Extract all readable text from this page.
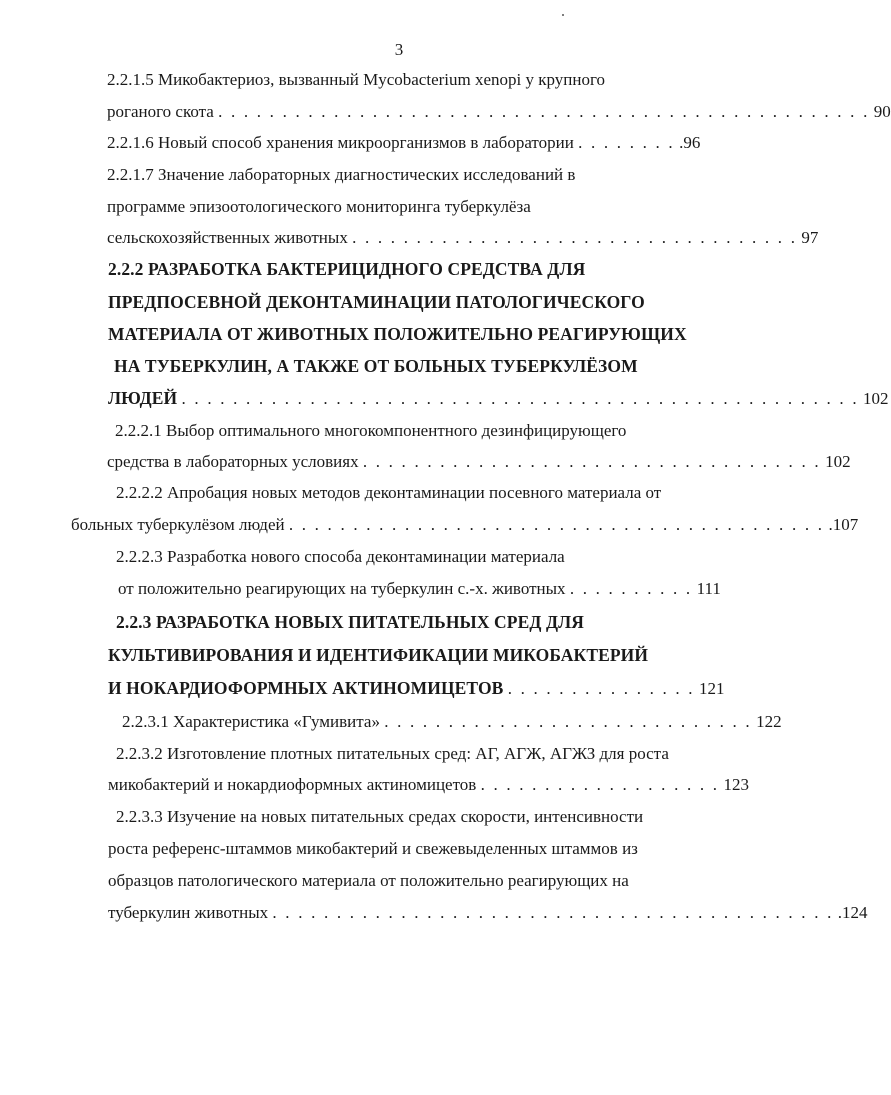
3
2.2.1.5 Микобактериоз, вызванный Mycobacterium xenopi у крупного
роганого скота . . . . . . . . . . . . . . . . . . . . . . . . . . . . . . . . . . . . . . . . . . . . . . . . . . . 90
2.2.1.6 Новый способ хранения микроорганизмов в лаборатории . . . . . . . . .96
2.2.1.7 Значение лабораторных диагностических исследований в
программе эпизоотологического мониторинга туберкулёза
сельскохозяйственных животных . . . . . . . . . . . . . . . . . . . . . . . . . . . . . . . . . . . 97
2.2.2 РАЗРАБОТКА БАКТЕРИЦИДНОГО СРЕДСТВА ДЛЯ
ПРЕДПОСЕВНОЙ ДЕКОНТАМИНАЦИИ ПАТОЛОГИЧЕСКОГО
МАТЕРИАЛА ОТ ЖИВОТНЫХ ПОЛОЖИТЕЛЬНО РЕАГИРУЮЩИХ
НА ТУБЕРКУЛИН, А ТАКЖЕ ОТ БОЛЬНЫХ ТУБЕРКУЛЁЗОМ
ЛЮДЕЙ . . . . . . . . . . . . . . . . . . . . . . . . . . . . . . . . . . . . . . . . . . . . . . . . . . . . . 102
2.2.2.1 Выбор оптимального многокомпонентного дезинфицирующего
средства в лабораторных условиях . . . . . . . . . . . . . . . . . . . . . . . . . . . . . . . . . . . . 102
2.2.2.2 Апробация новых методов деконтаминации посевного материала от
больных туберкулёзом людей . . . . . . . . . . . . . . . . . . . . . . . . . . . . . . . . . . . . . . . . . . .107
2.2.2.3 Разработка нового способа деконтаминации материала
от положительно реагирующих на туберкулин с.-х. животных . . . . . . . . . . 111
2.2.3 РАЗРАБОТКА НОВЫХ ПИТАТЕЛЬНЫХ СРЕД ДЛЯ
КУЛЬТИВИРОВАНИЯ И ИДЕНТИФИКАЦИИ МИКОБАКТЕРИЙ
И НОКАРДИОФОРМНЫХ АКТИНОМИЦЕТОВ . . . . . . . . . . . . . . . 121
2.2.3.1 Характеристика «Гумивита» . . . . . . . . . . . . . . . . . . . . . . . . . . . . . 122
2.2.3.2 Изготовление плотных питательных сред: АГ, АГЖ, АГЖЗ для роста
микобактерий и нокардиоформных актиномицетов . . . . . . . . . . . . . . . . . . . 123
2.2.3.3 Изучение на новых питательных средах скорости, интенсивности
роста референс-штаммов микобактерий и свежевыделенных штаммов из
образцов патологического материала от положительно реагирующих на
туберкулин животных . . . . . . . . . . . . . . . . . . . . . . . . . . . . . . . . . . . . . . . . . . . . .124
